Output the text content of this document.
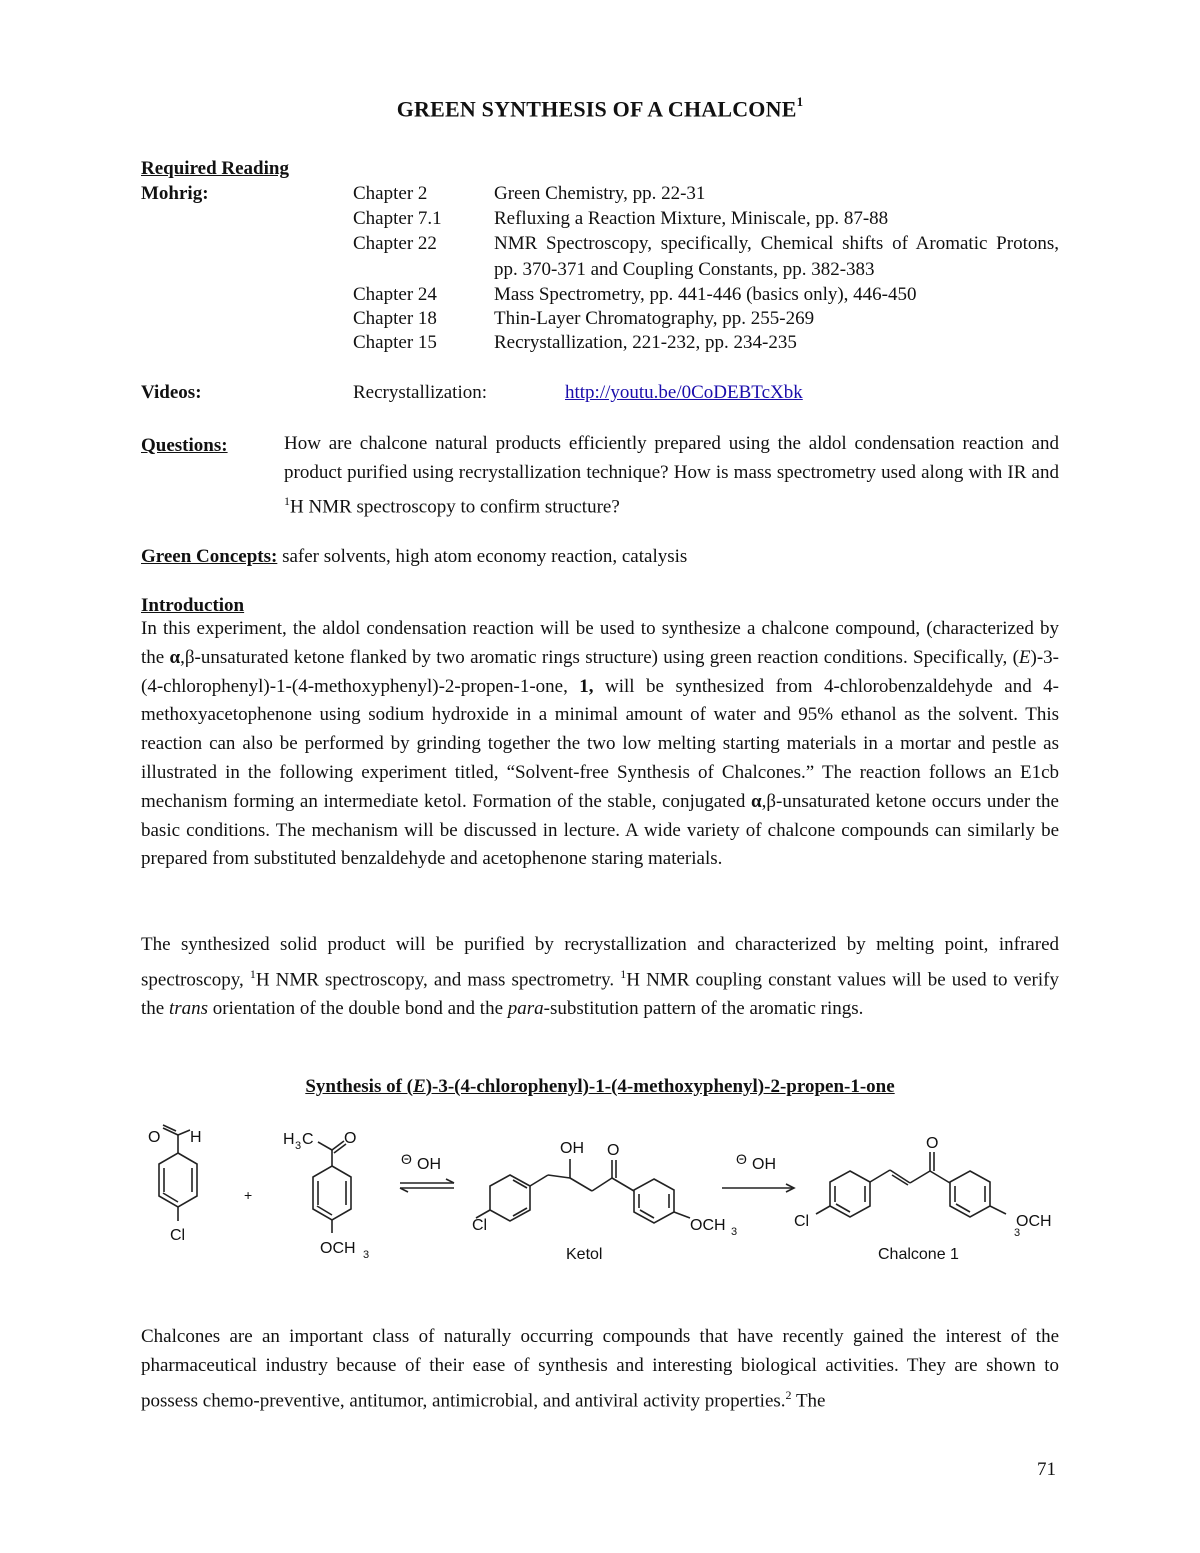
GREEN SYNTHESIS OF A CHALCONE$^1$
Required Reading
Mohrig:	Chapter 2	Green Chemistry, pp. 22-31
Chapter 7.1	Refluxing a Reaction Mixture, Miniscale, pp. 87-88
Chapter 22	NMR Spectroscopy, specifically, Chemical shifts of Aromatic Protons, pp. 370-371 and Coupling Constants, pp. 382-383
Chapter 24	Mass Spectrometry, pp. 441-446 (basics only), 446-450
Chapter 18	Thin-Layer Chromatography, pp. 255-269
Chapter 15	Recrystallization, 221-232, pp. 234-235
Videos:	Recrystallization:	http://youtu.be/0CoDEBTcXbk
Questions:	How are chalcone natural products efficiently prepared using the aldol condensation reaction and product purified using recrystallization technique? How is mass spectrometry used along with IR and $^1$H NMR spectroscopy to confirm structure?
Green Concepts: safer solvents, high atom economy reaction, catalysis
Introduction

In this experiment, the aldol condensation reaction will be used to synthesize a chalcone compound, (characterized by the α,β-unsaturated ketone flanked by two aromatic rings structure) using green reaction conditions. Specifically, (E)-3-(4-chlorophenyl)-1-(4-methoxyphenyl)-2-propen-1-one, 1, will be synthesized from 4-chlorobenzaldehyde and 4-methoxyacetophenone using sodium hydroxide in a minimal amount of water and 95% ethanol as the solvent. This reaction can also be performed by grinding together the two low melting starting materials in a mortar and pestle as illustrated in the following experiment titled, “Solvent-free Synthesis of Chalcones.” The reaction follows an E1cb mechanism forming an intermediate ketol. Formation of the stable, conjugated α,β-unsaturated ketone occurs under the basic conditions. The mechanism will be discussed in lecture. A wide variety of chalcone compounds can similarly be prepared from substituted benzaldehyde and acetophenone staring materials.

The synthesized solid product will be purified by recrystallization and characterized by melting point, infrared spectroscopy, $^1$H NMR spectroscopy, and mass spectrometry. $^1$H NMR coupling constant values will be used to verify the trans orientation of the double bond and the para-substitution pattern of the aromatic rings.

Synthesis of (E)-3-(4-chlorophenyl)-1-(4-methoxyphenyl)-2-propen-1-one
O H
Cl
+
H 3 C O
OCH 3
Θ OH
OH O
Cl	OCH 3
Ketol
Θ OH
O
Cl	OCH
3
Chalcone 1

Chalcones are an important class of naturally occurring compounds that have recently gained the interest of the pharmaceutical industry because of their ease of synthesis and interesting biological activities. They are shown to possess chemo-preventive, antitumor, antimicrobial, and antiviral activity properties.$^2$ The

71
